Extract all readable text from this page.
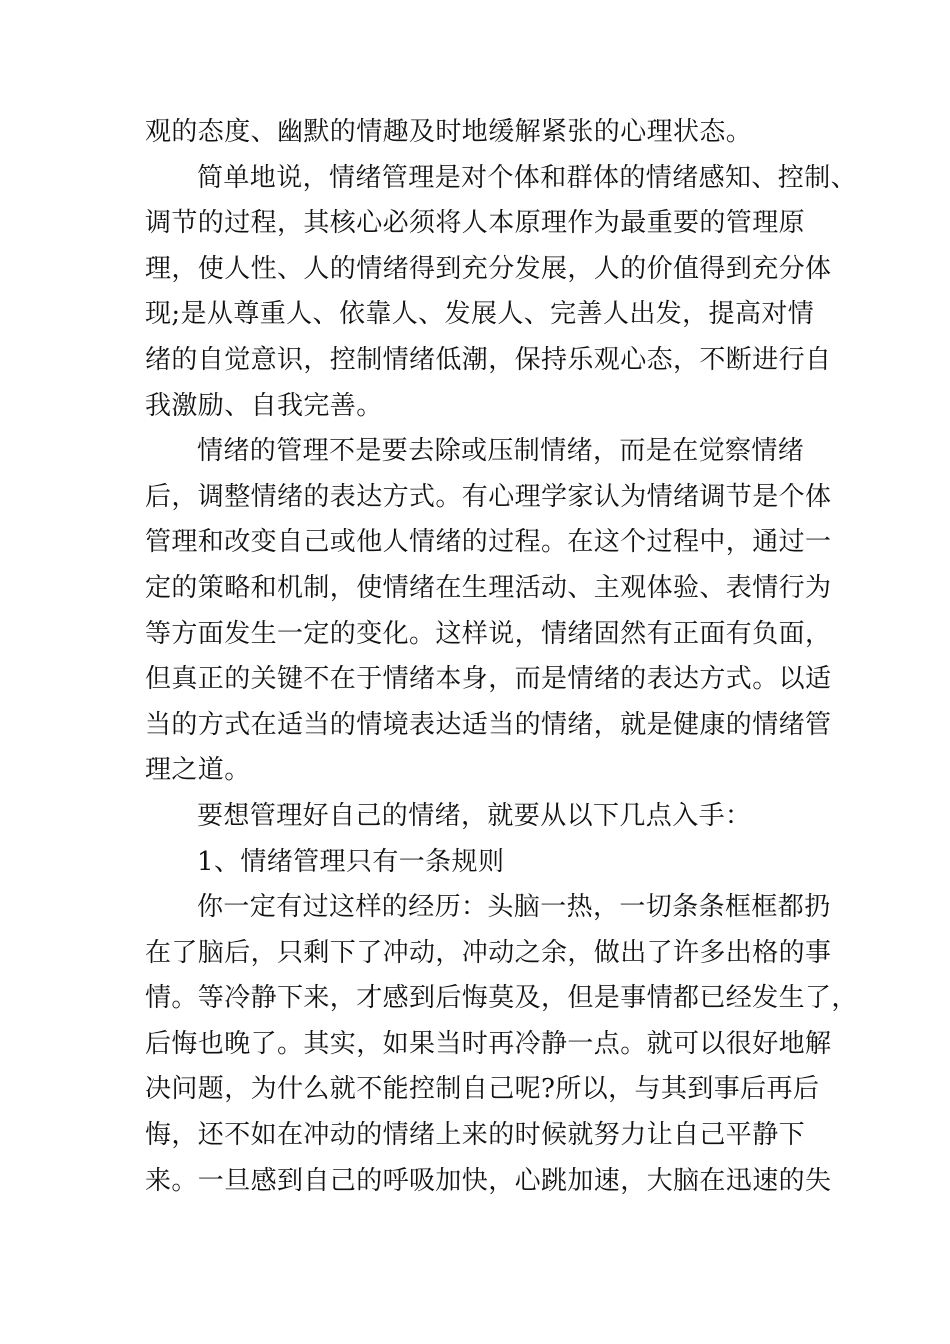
观的态度、幽默的情趣及时地缓解紧张的心理状态。
简单地说，情绪管理是对个体和群体的情绪感知、控制、
调节的过程，其核心必须将人本原理作为最重要的管理原
理，使人性、人的情绪得到充分发展，人的价值得到充分体
现;是从尊重人、依靠人、发展人、完善人出发，提高对情
绪的自觉意识，控制情绪低潮，保持乐观心态，不断进行自
我激励、自我完善。
情绪的管理不是要去除或压制情绪，而是在觉察情绪
后，调整情绪的表达方式。有心理学家认为情绪调节是个体
管理和改变自己或他人情绪的过程。在这个过程中，通过一
定的策略和机制，使情绪在生理活动、主观体验、表情行为
等方面发生一定的变化。这样说，情绪固然有正面有负面，
但真正的关键不在于情绪本身，而是情绪的表达方式。以适
当的方式在适当的情境表达适当的情绪，就是健康的情绪管
理之道。
要想管理好自己的情绪，就要从以下几点入手：
1、情绪管理只有一条规则
你一定有过这样的经历：头脑一热，一切条条框框都扔
在了脑后，只剩下了冲动，冲动之余，做出了许多出格的事
情。等冷静下来，才感到后悔莫及，但是事情都已经发生了，
后悔也晚了。其实，如果当时再冷静一点。就可以很好地解
决问题，为什么就不能控制自己呢?所以，与其到事后再后
悔，还不如在冲动的情绪上来的时候就努力让自己平静下
来。一旦感到自己的呼吸加快，心跳加速，大脑在迅速的失
